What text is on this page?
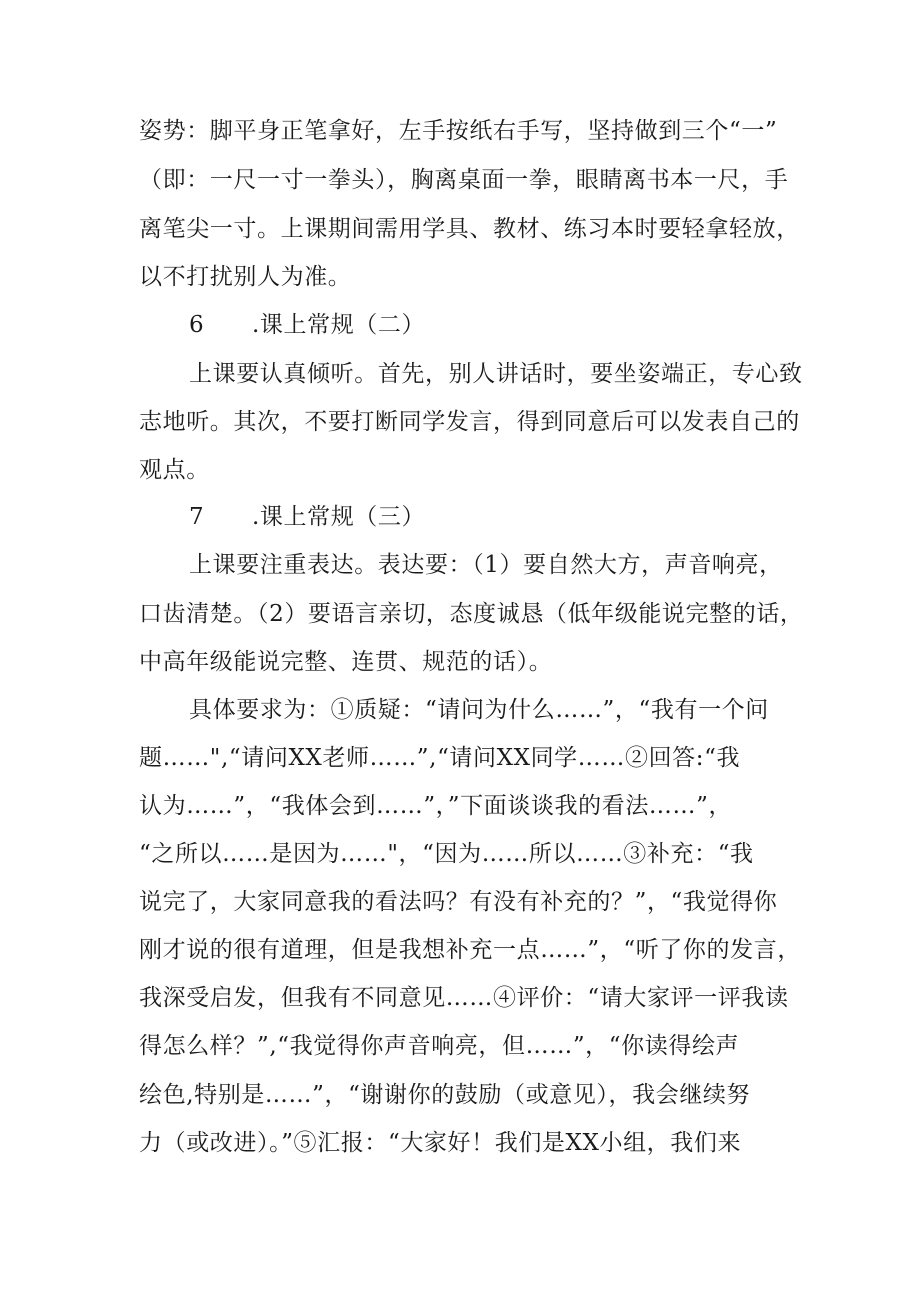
姿势：脚平身正笔拿好，左手按纸右手写，坚持做到三个“一”
（即：一尺一寸一拳头），胸离桌面一拳，眼睛离书本一尺，手
离笔尖一寸。上课期间需用学具、教材、练习本时要轻拿轻放，
以不打扰别人为准。
6 .课上常规（二）
上课要认真倾听。首先，别人讲话时，要坐姿端正，专心致
志地听。其次，不要打断同学发言，得到同意后可以发表自己的
观点。
7 .课上常规（三）
上课要注重表达。表达要：（1）要自然大方，声音响亮，
口齿清楚。（2）要语言亲切，态度诚恳（低年级能说完整的话，
中高年级能说完整、连贯、规范的话）。
具体要求为：①质疑：“请问为什么……”，“我有一个问
题……",“请问XX老师……”,“请问XX同学……②回答:“我
认为……”，“我体会到……”，”下面谈谈我的看法……”，
“之所以……是因为……"，“因为……所以……③补充：“我
说完了，大家同意我的看法吗？有没有补充的？”，“我觉得你
刚才说的很有道理，但是我想补充一点……”，“听了你的发言，
我深受启发，但我有不同意见……④评价：“请大家评一评我读
得怎么样？”,“我觉得你声音响亮，但……”，“你读得绘声
绘色,特别是……”，“谢谢你的鼓励（或意见），我会继续努
力（或改进）。”⑤汇报：“大家好！我们是XX小组，我们来
